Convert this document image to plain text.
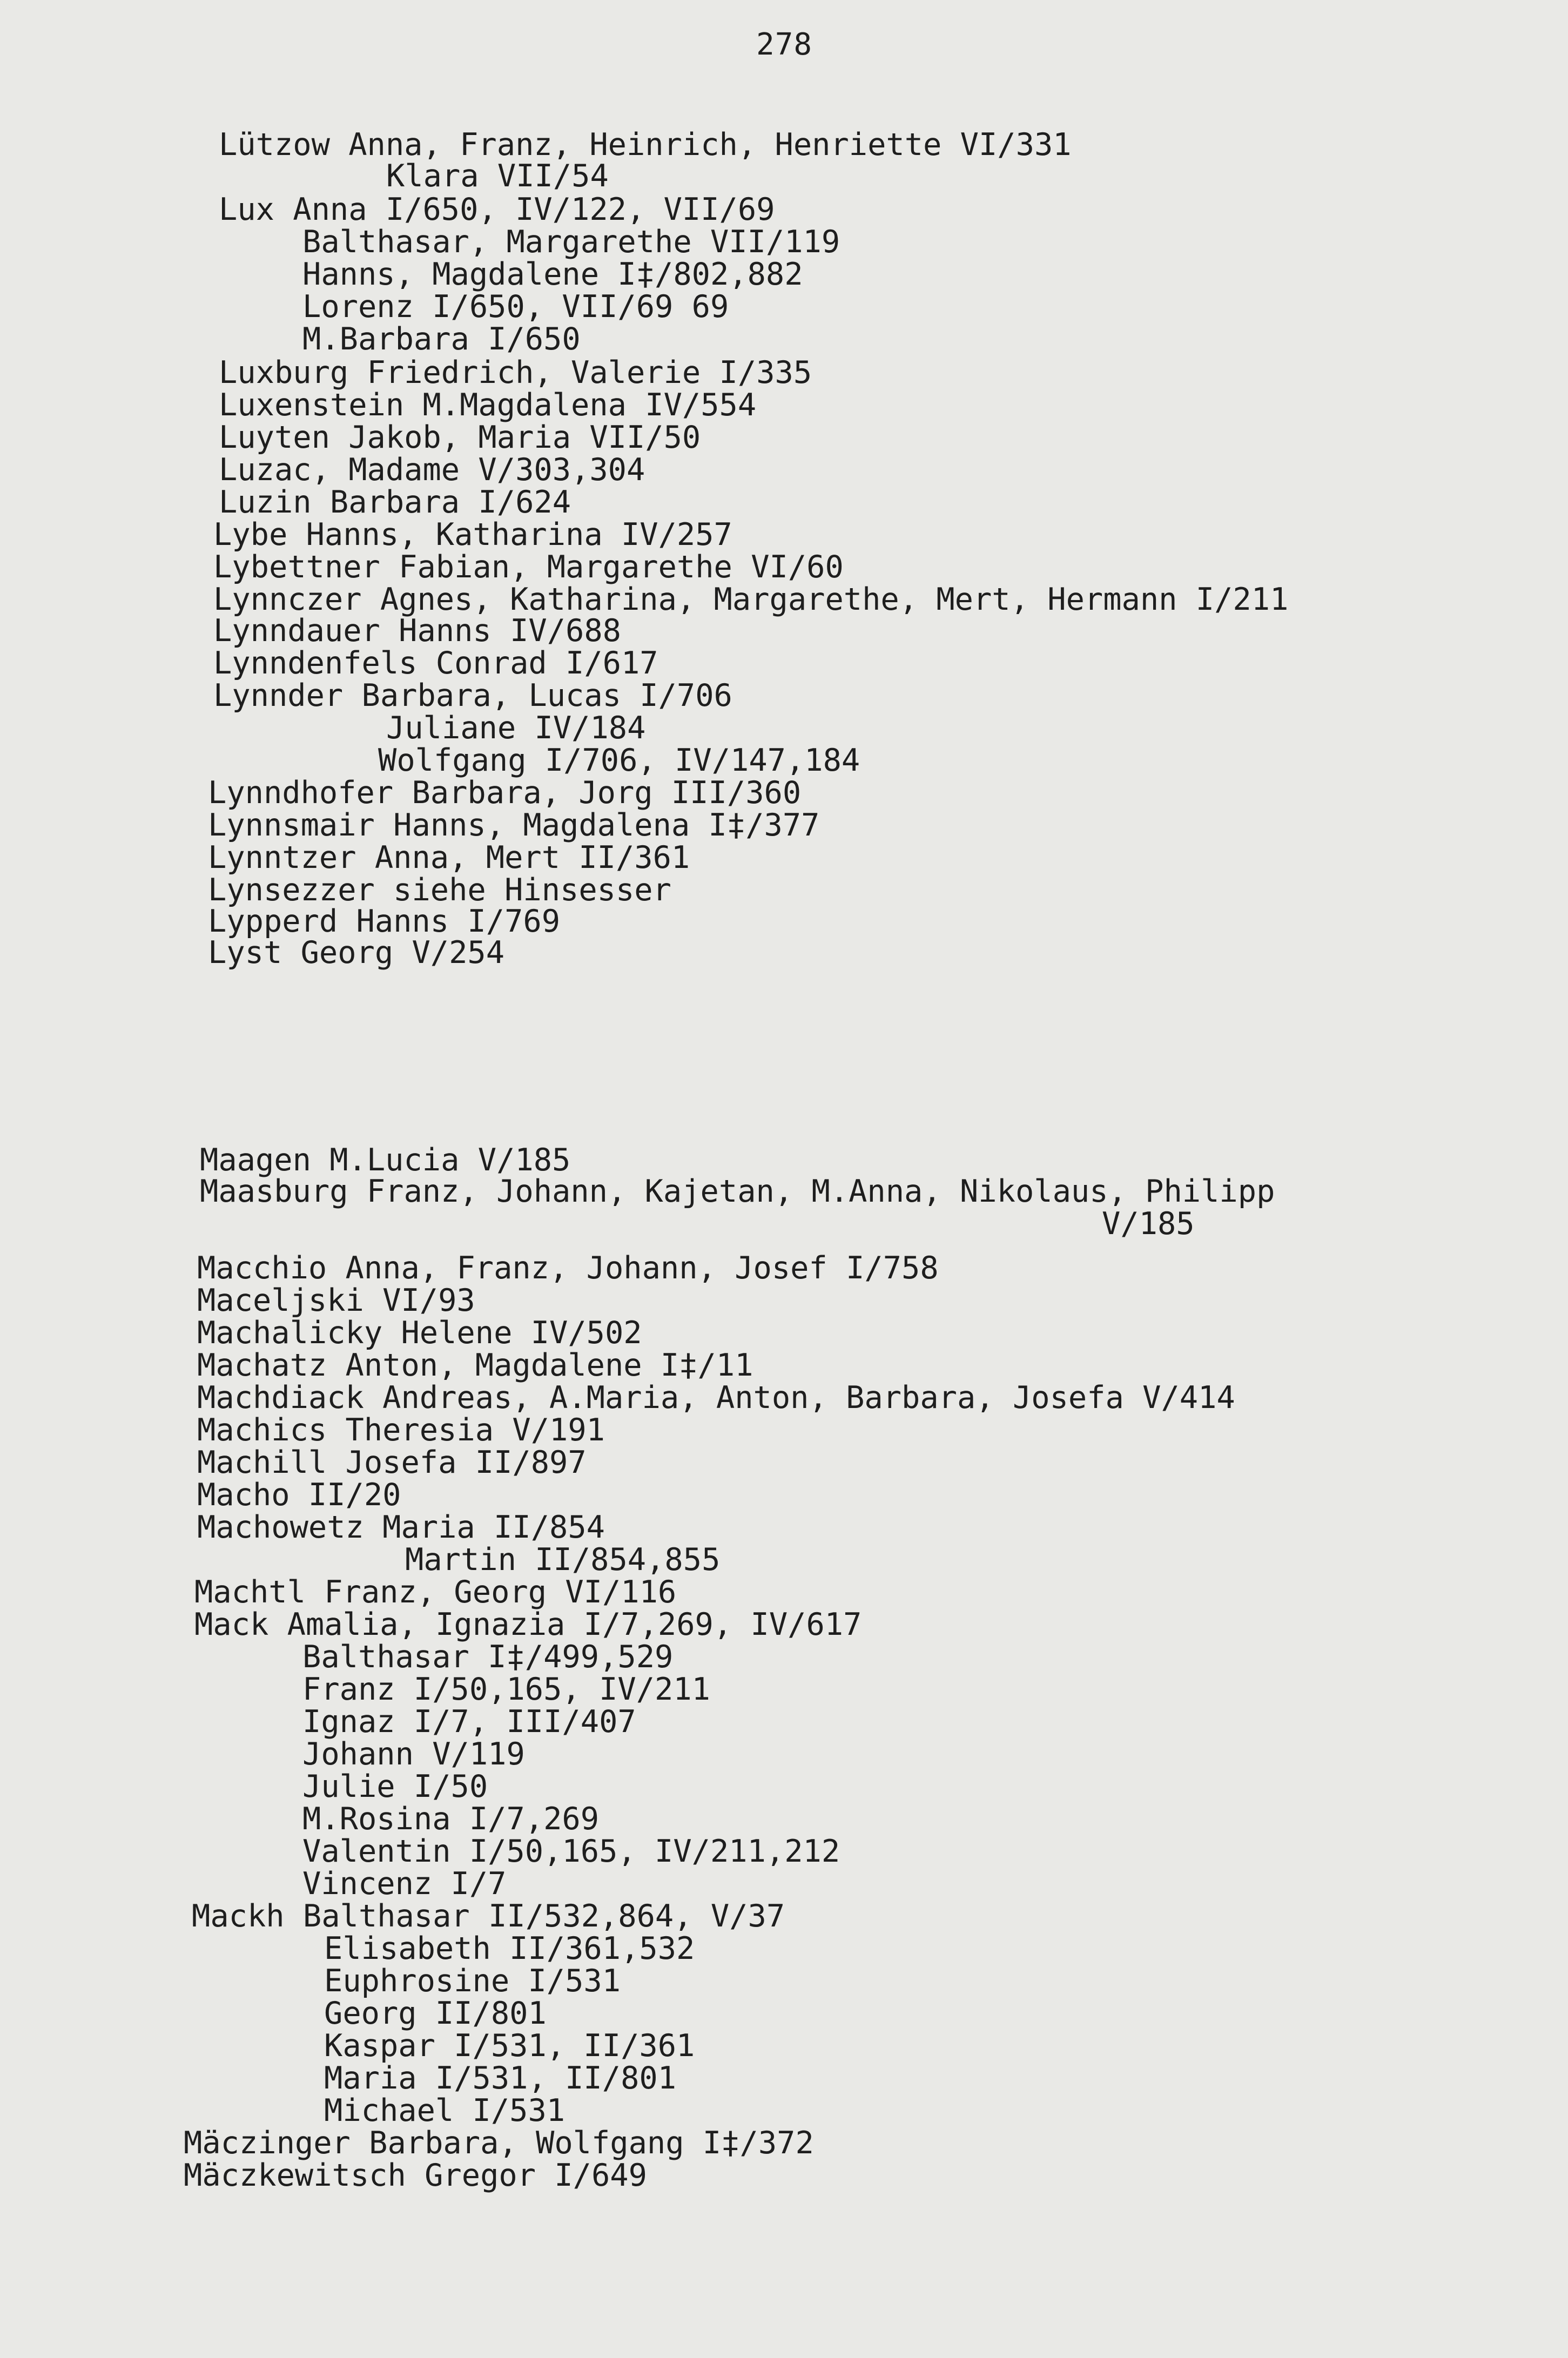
278
Lützow Anna, Franz, Heinrich, Henriette VI/331
Klara VII/54
Lux Anna I/650, IV/122, VII/69
Balthasar, Margarethe VII/119
Hanns, Magdalene I‡/802,882
Lorenz I/650, VII/69 69
M.Barbara I/650
Luxburg Friedrich, Valerie I/335
Luxenstein M.Magdalena IV/554
Luyten Jakob, Maria VII/50
Luzac, Madame V/303,304
Luzin Barbara I/624
Lybe Hanns, Katharina IV/257
Lybettner Fabian, Margarethe VI/60
Lynnczer Agnes, Katharina, Margarethe, Mert, Hermann I/211
Lynndauer Hanns IV/688
Lynndenfels Conrad I/617
Lynnder Barbara, Lucas I/706
Juliane IV/184
Wolfgang I/706, IV/147,184
Lynndhofer Barbara, Jorg III/360
Lynnsmair Hanns, Magdalena I‡/377
Lynntzer Anna, Mert II/361
Lynsezzer siehe Hinsesser
Lypperd Hanns I/769
Lyst Georg V/254
Maagen M.Lucia V/185
Maasburg Franz, Johann, Kajetan, M.Anna, Nikolaus, Philipp
V/185
Macchio Anna, Franz, Johann, Josef I/758
Maceljski VI/93
Machalicky Helene IV/502
Machatz Anton, Magdalene I‡/11
Machdiack Andreas, A.Maria, Anton, Barbara, Josefa V/414
Machics Theresia V/191
Machill Josefa II/897
Macho II/20
Machowetz Maria II/854
Martin II/854,855
Machtl Franz, Georg VI/116
Mack Amalia, Ignazia I/7,269, IV/617
Balthasar I‡/499,529
Franz I/50,165, IV/211
Ignaz I/7, III/407
Johann V/119
Julie I/50
M.Rosina I/7,269
Valentin I/50,165, IV/211,212
Vincenz I/7
Mackh Balthasar II/532,864, V/37
Elisabeth II/361,532
Euphrosine I/531
Georg II/801
Kaspar I/531, II/361
Maria I/531, II/801
Michael I/531
Mäczinger Barbara, Wolfgang I‡/372
Mäczkewitsch Gregor I/649
